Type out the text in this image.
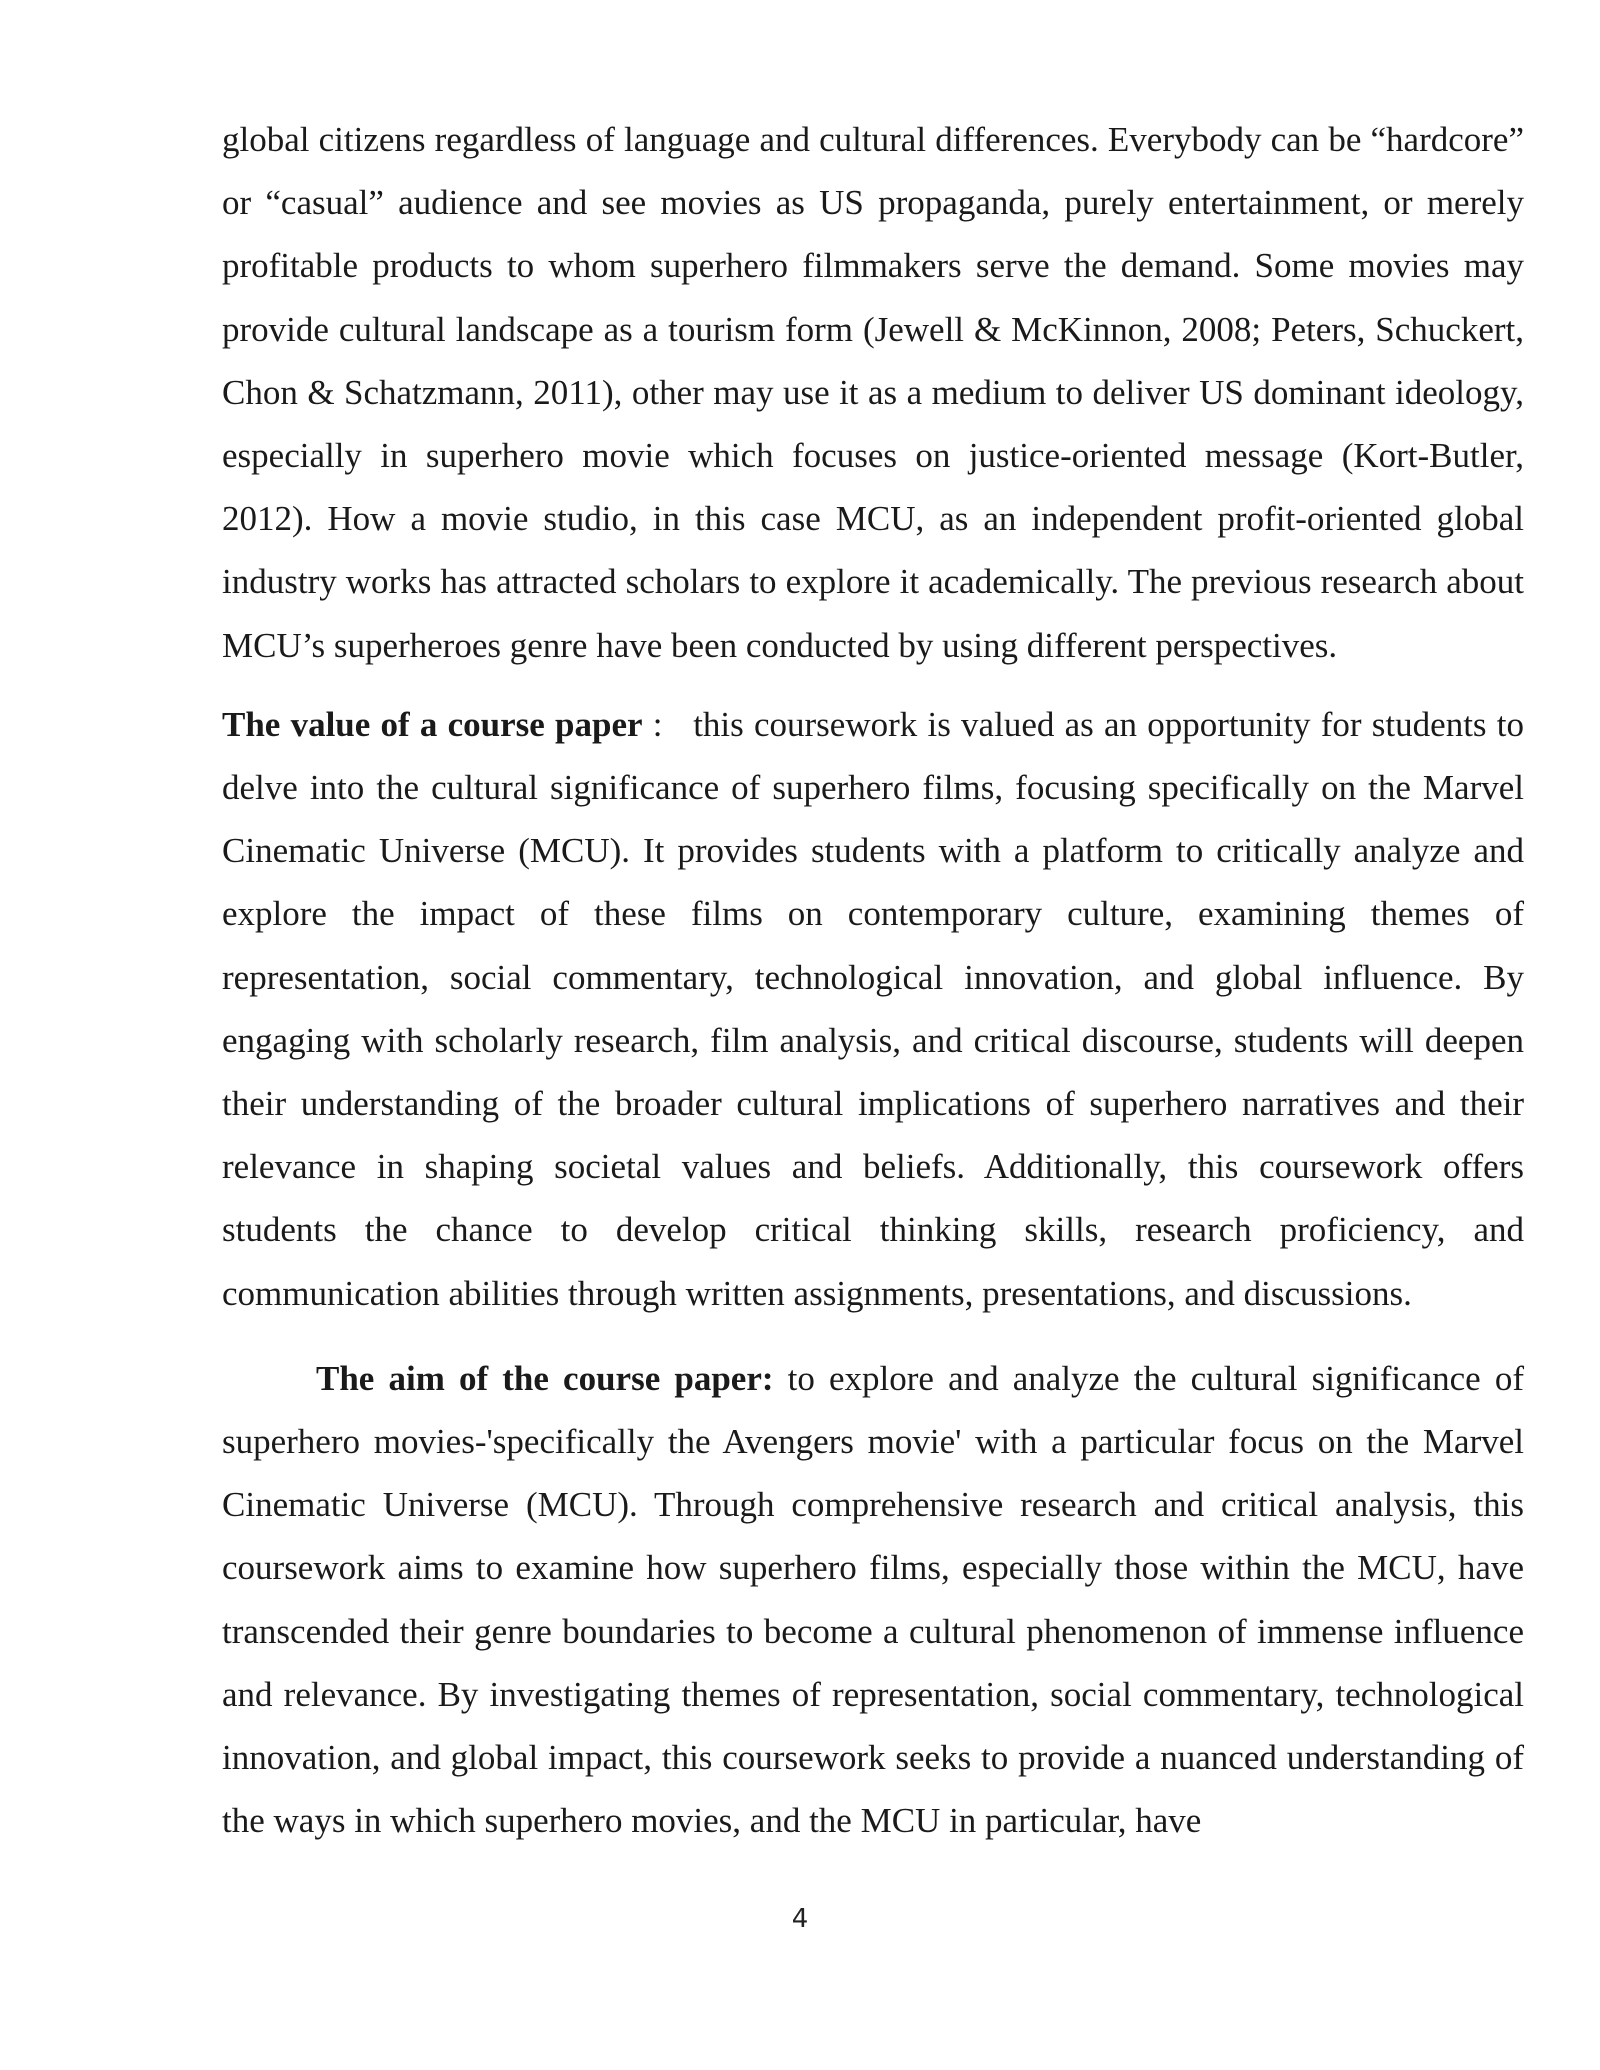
global citizens regardless of language and cultural differences. Everybody can be “hardcore” or “casual” audience and see movies as US propaganda, purely entertainment, or merely profitable products to whom superhero filmmakers serve the demand. Some movies may provide cultural landscape as a tourism form (Jewell & McKinnon, 2008; Peters, Schuckert, Chon & Schatzmann, 2011), other may use it as a medium to deliver US dominant ideology, especially in superhero movie which focuses on justice-oriented message (Kort-Butler, 2012). How a movie studio, in this case MCU, as an independent profit-oriented global industry works has attracted scholars to explore it academically. The previous research about MCU’s superheroes genre have been conducted by using different perspectives.

The value of a course paper :   this coursework is valued as an opportunity for students to delve into the cultural significance of superhero films, focusing specifically on the Marvel Cinematic Universe (MCU). It provides students with a platform to critically analyze and explore the impact of these films on contemporary culture, examining themes of representation, social commentary, technological innovation, and global influence. By engaging with scholarly research, film analysis, and critical discourse, students will deepen their understanding of the broader cultural implications of superhero narratives and their relevance in shaping societal values and beliefs. Additionally, this coursework offers students the chance to develop critical thinking skills, research proficiency, and communication abilities through written assignments, presentations, and discussions.

The aim of the course paper: to explore and analyze the cultural significance of superhero movies-'specifically the Avengers movie' with a particular focus on the Marvel Cinematic Universe (MCU). Through comprehensive research and critical analysis, this coursework aims to examine how superhero films, especially those within the MCU, have transcended their genre boundaries to become a cultural phenomenon of immense influence and relevance. By investigating themes of representation, social commentary, technological innovation, and global impact, this coursework seeks to provide a nuanced understanding of the ways in which superhero movies, and the MCU in particular, have

4
